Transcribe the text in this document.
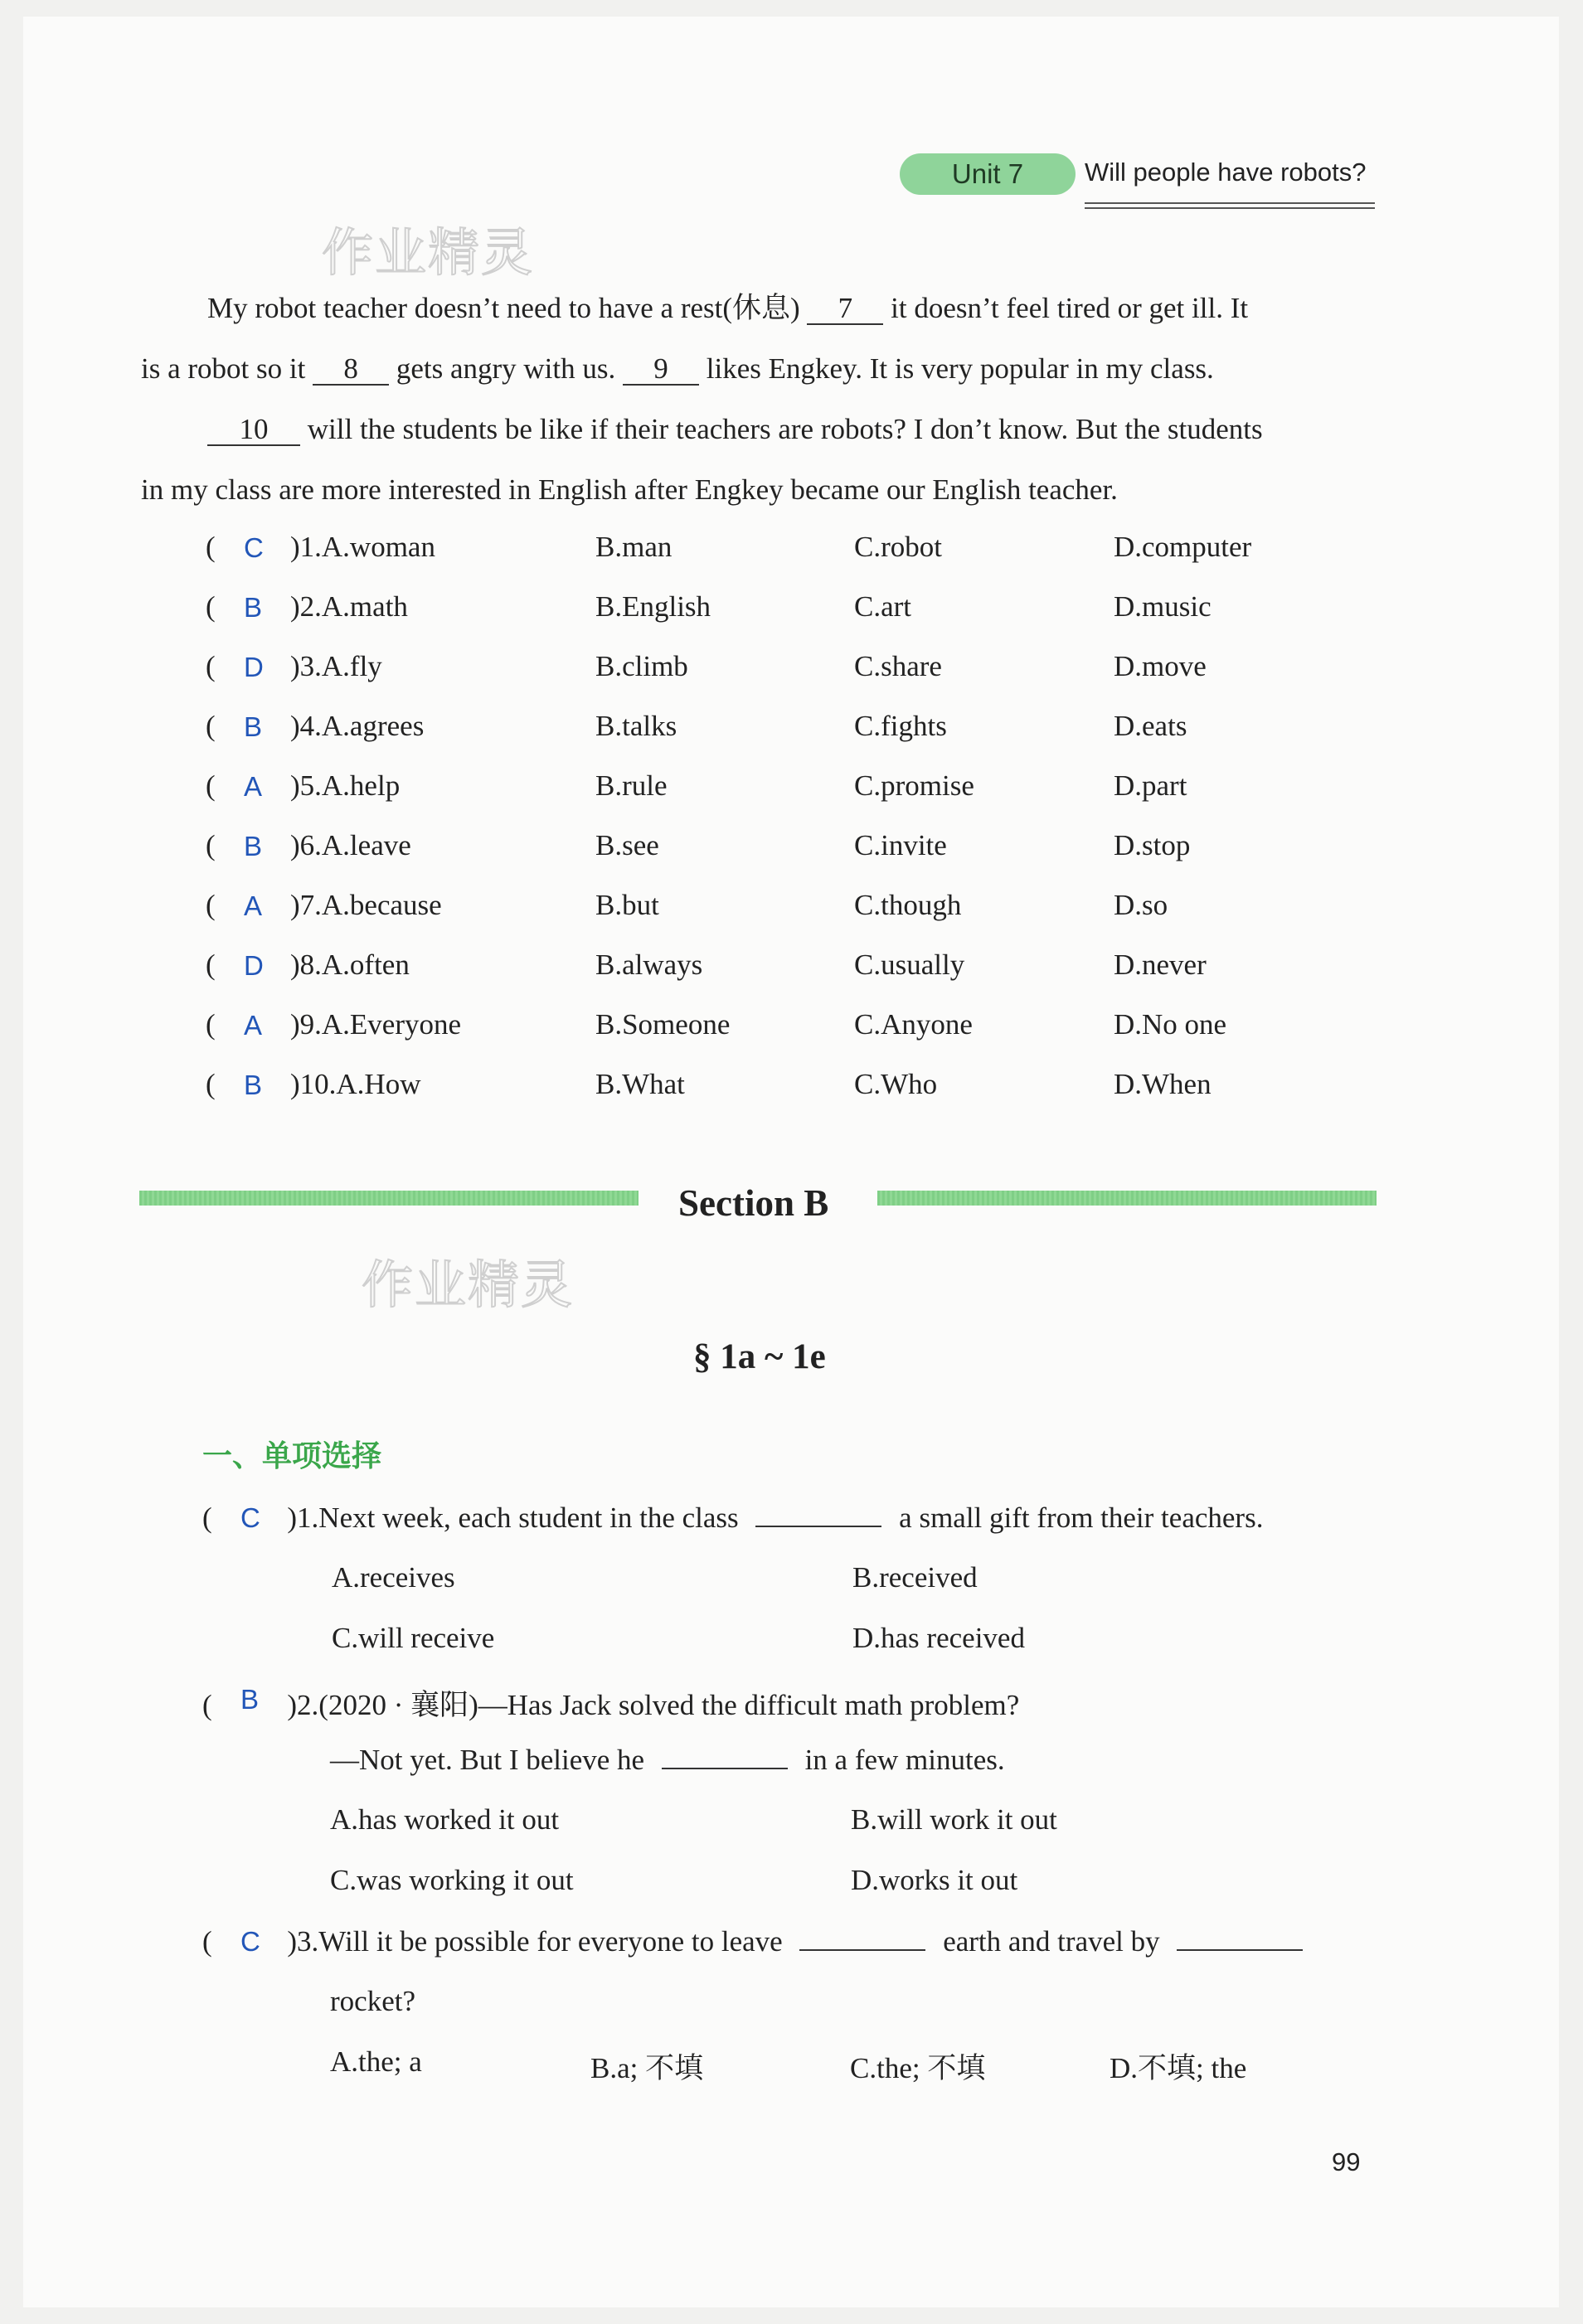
Unit 7	Will people have robots?
作业精灵

My robot teacher doesn’t need to have a rest(休息) 7 it doesn’t feel tired or get ill. It

is a robot so it 8 gets angry with us. 9 likes Engkey. It is very popular in my class.

10 will the students be like if their teachers are robots? I don’t know. But the students

in my class are more interested in English after Engkey became our English teacher.

( C )1.A.woman	B.man	C.robot	D.computer
( B )2.A.math	B.English	C.art	D.music
( D )3.A.fly	B.climb	C.share	D.move
( B )4.A.agrees	B.talks	C.fights	D.eats
( A )5.A.help	B.rule	C.promise	D.part
( B )6.A.leave	B.see	C.invite	D.stop
( A )7.A.because	B.but	C.though	D.so
( D )8.A.often	B.always	C.usually	D.never
( A )9.A.Everyone	B.Someone	C.Anyone	D.No one
( B )10.A.How	B.What	C.Who	D.When
Section B
作业精灵
§ 1a ~ 1e
一、单项选择
( C )1.Next week, each student in the class	a small gift from their teachers.
A.receives	B.received
C.will receive	D.has received
( B )2.(2020 · 襄阳)—Has Jack solved the difficult math problem?
—Not yet. But I believe he	in a few minutes.
A.has worked it out	B.will work it out
C.was working it out	D.works it out
( C )3.Will it be possible for everyone to leave	earth and travel by
rocket?
A.the; a	B.a; 不填	C.the; 不填	D.不填; the
99
